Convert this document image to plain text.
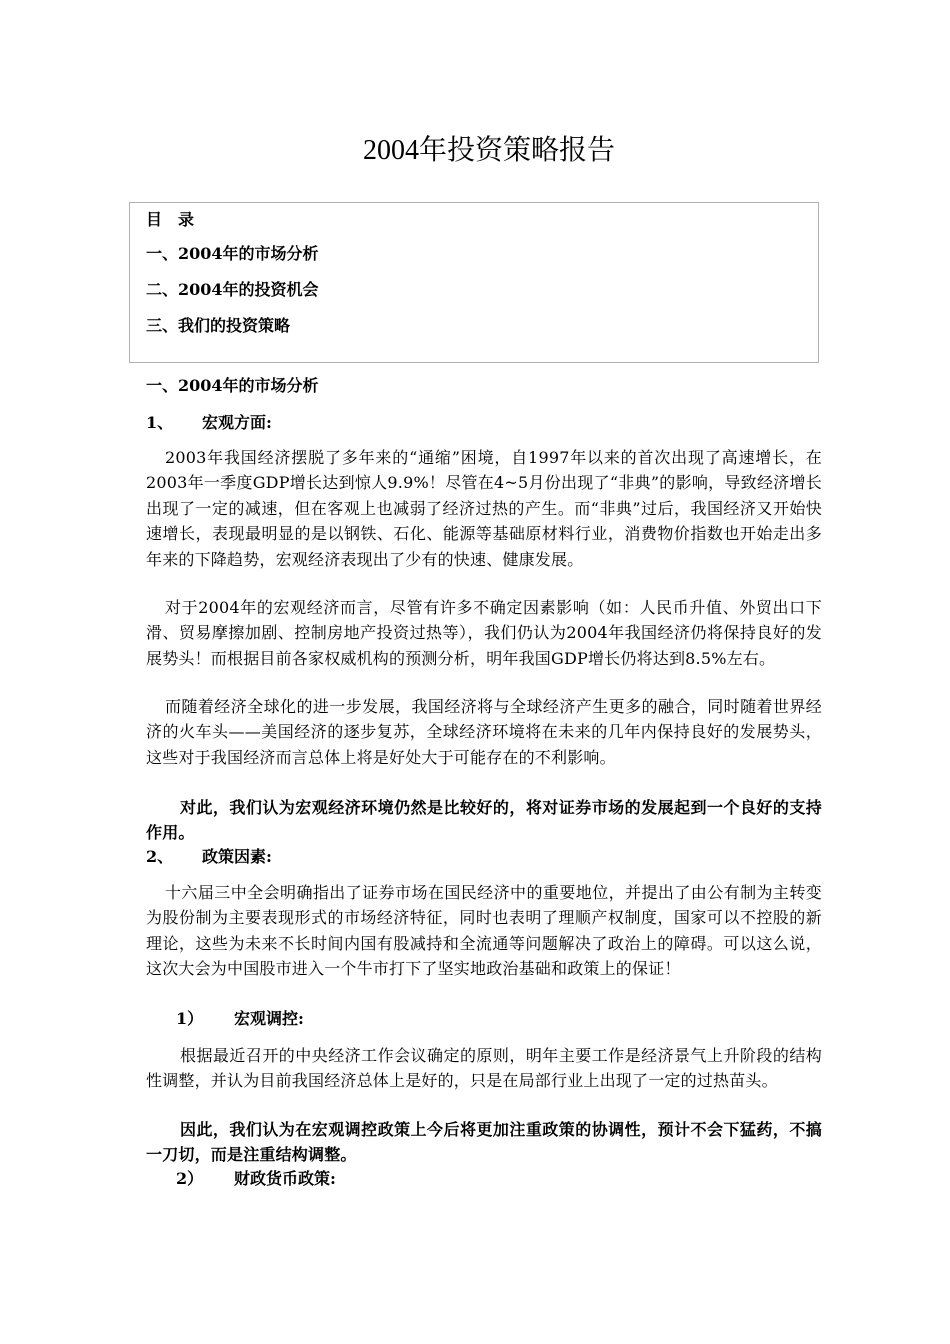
2004年投资策略报告
目　录
一、2004年的市场分析
二、2004年的投资机会
三、我们的投资策略
一、2004年的市场分析
1、 宏观方面:
2003年我国经济摆脱了多年来的“通缩”困境，自1997年以来的首次出现了高速增长，在2003年一季度GDP增长达到惊人9.9%！尽管在4~5月份出现了“非典”的影响，导致经济增长出现了一定的减速，但在客观上也减弱了经济过热的产生。而“非典”过后，我国经济又开始快速增长，表现最明显的是以钢铁、石化、能源等基础原材料行业，消费物价指数也开始走出多年来的下降趋势，宏观经济表现出了少有的快速、健康发展。
对于2004年的宏观经济而言，尽管有许多不确定因素影响（如：人民币升值、外贸出口下滑、贸易摩擦加剧、控制房地产投资过热等），我们仍认为2004年我国经济仍将保持良好的发展势头！而根据目前各家权威机构的预测分析，明年我国GDP增长仍将达到8.5%左右。
而随着经济全球化的进一步发展，我国经济将与全球经济产生更多的融合，同时随着世界经济的火车头——美国经济的逐步复苏，全球经济环境将在未来的几年内保持良好的发展势头，这些对于我国经济而言总体上将是好处大于可能存在的不利影响。
对此，我们认为宏观经济环境仍然是比较好的，将对证券市场的发展起到一个良好的支持作用。
2、 政策因素:
十六届三中全会明确指出了证券市场在国民经济中的重要地位，并提出了由公有制为主转变为股份制为主要表现形式的市场经济特征，同时也表明了理顺产权制度，国家可以不控股的新理论，这些为未来不长时间内国有股减持和全流通等问题解决了政治上的障碍。可以这么说，这次大会为中国股市进入一个牛市打下了坚实地政治基础和政策上的保证！
1） 宏观调控:
根据最近召开的中央经济工作会议确定的原则，明年主要工作是经济景气上升阶段的结构性调整，并认为目前我国经济总体上是好的，只是在局部行业上出现了一定的过热苗头。
因此，我们认为在宏观调控政策上今后将更加注重政策的协调性，预计不会下猛药，不搞一刀切，而是注重结构调整。
2） 财政货币政策:
